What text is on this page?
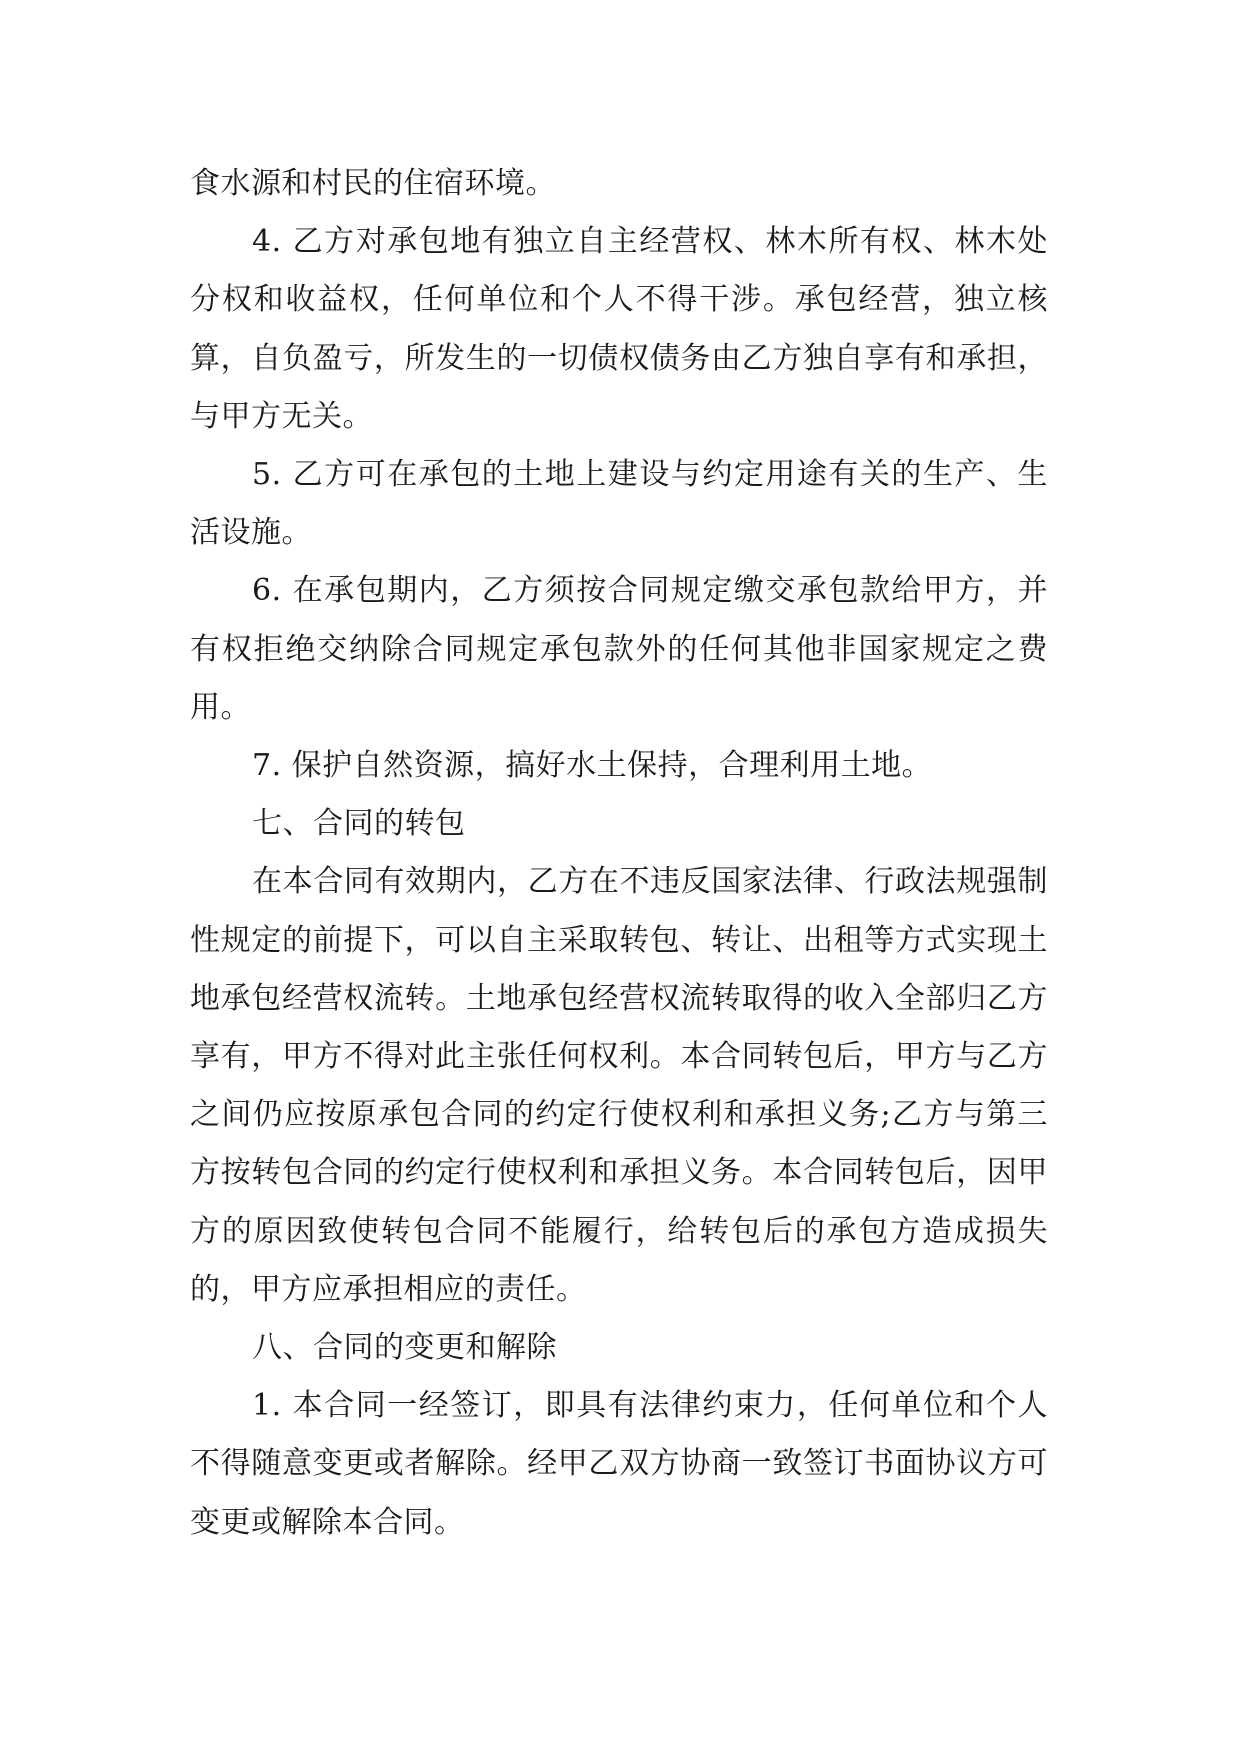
食水源和村民的住宿环境。

4. 乙方对承包地有独立自主经营权、林木所有权、林木处分权和收益权，任何单位和个人不得干涉。承包经营，独立核算，自负盈亏，所发生的一切债权债务由乙方独自享有和承担，与甲方无关。

5. 乙方可在承包的土地上建设与约定用途有关的生产、生活设施。

6. 在承包期内，乙方须按合同规定缴交承包款给甲方，并有权拒绝交纳除合同规定承包款外的任何其他非国家规定之费用。

7. 保护自然资源，搞好水土保持，合理利用土地。

七、合同的转包

在本合同有效期内，乙方在不违反国家法律、行政法规强制性规定的前提下，可以自主采取转包、转让、出租等方式实现土地承包经营权流转。土地承包经营权流转取得的收入全部归乙方享有，甲方不得对此主张任何权利。本合同转包后，甲方与乙方之间仍应按原承包合同的约定行使权利和承担义务;乙方与第三方按转包合同的约定行使权利和承担义务。本合同转包后，因甲方的原因致使转包合同不能履行，给转包后的承包方造成损失的，甲方应承担相应的责任。

八、合同的变更和解除

1. 本合同一经签订，即具有法律约束力，任何单位和个人不得随意变更或者解除。经甲乙双方协商一致签订书面协议方可变更或解除本合同。
